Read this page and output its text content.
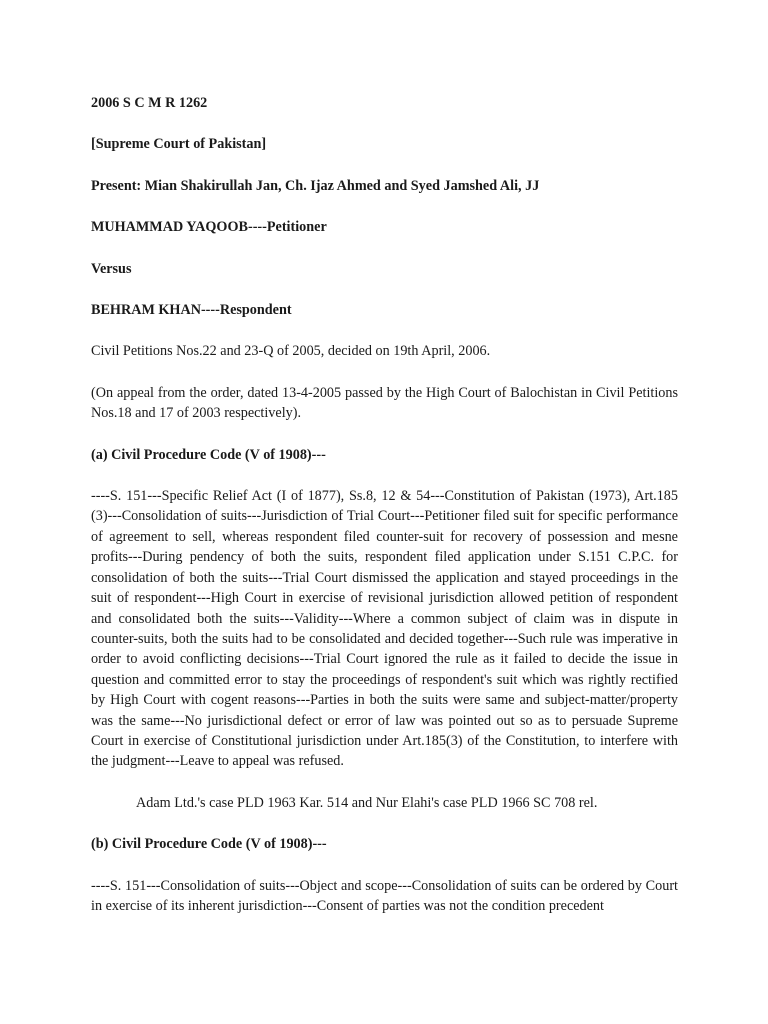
2006 S C M R 1262

[Supreme Court of Pakistan]

Present: Mian Shakirullah Jan, Ch. Ijaz Ahmed and Syed Jamshed Ali, JJ

MUHAMMAD YAQOOB----Petitioner

Versus

BEHRAM KHAN----Respondent

Civil Petitions Nos.22 and 23-Q of 2005, decided on 19th April, 2006.

(On appeal from the order, dated 13-4-2005 passed by the High Court of Balochistan in Civil Petitions Nos.18 and 17 of 2003 respectively).

(a) Civil Procedure Code (V of 1908)---

----S. 151---Specific Relief Act (I of 1877), Ss.8, 12 & 54---Constitution of Pakistan (1973), Art.185 (3)---Consolidation of suits---Jurisdiction of Trial Court---Petitioner filed suit for specific performance of agreement to sell, whereas respondent filed counter-suit for recovery of possession and mesne profits---During pendency of both the suits, respondent filed application under S.151 C.P.C. for consolidation of both the suits---Trial Court dismissed the application and stayed proceedings in the suit of respondent---High Court in exercise of revisional jurisdiction allowed petition of respondent and consolidated both the suits---Validity---Where a common subject of claim was in dispute in counter-suits, both the suits had to be consolidated and decided together---Such rule was imperative in order to avoid conflicting decisions---Trial Court ignored the rule as it failed to decide the issue in question and committed error to stay the proceedings of respondent's suit which was rightly rectified by High Court with cogent reasons---Parties in both the suits were same and subject-matter/property was the same---No jurisdictional defect or error of law was pointed out so as to persuade Supreme Court in exercise of Constitutional jurisdiction under Art.185(3) of the Constitution, to interfere with the judgment---Leave to appeal was refused.

Adam Ltd.'s case PLD 1963 Kar. 514 and Nur Elahi's case PLD 1966 SC 708 rel.

(b) Civil Procedure Code (V of 1908)---

----S. 151---Consolidation of suits---Object and scope---Consolidation of suits can be ordered by Court in exercise of its inherent jurisdiction---Consent of parties was not the condition precedent
